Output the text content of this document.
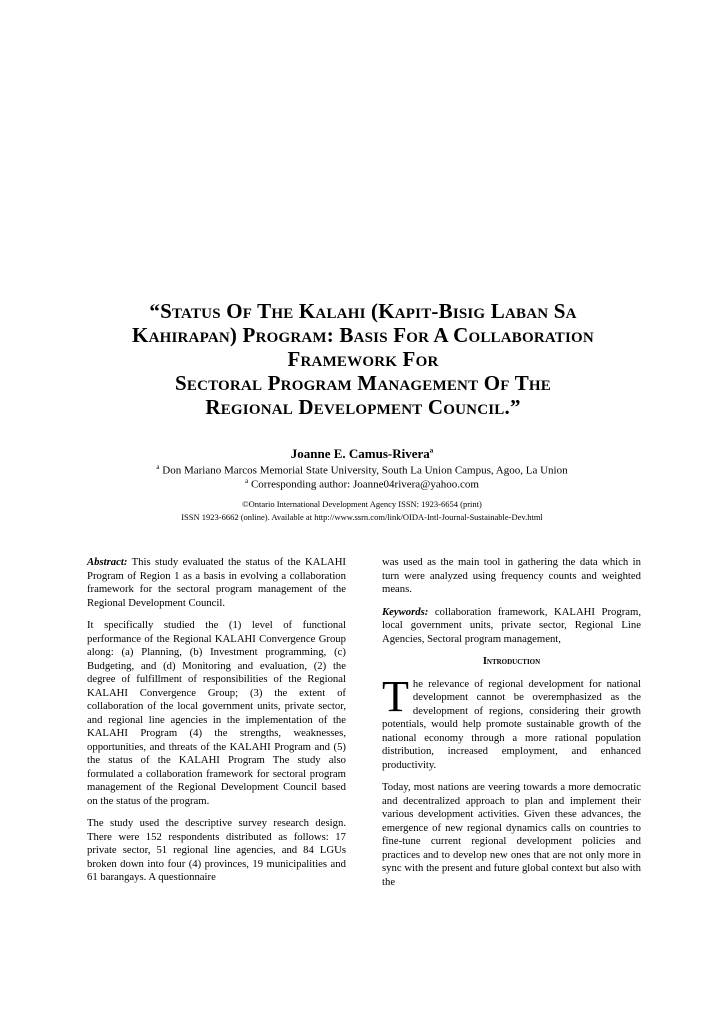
“Status Of The Kalahi (Kapit-Bisig Laban Sa
Kahirapan) Program: Basis For A Collaboration
Framework For
Sectoral Program Management Of The
Regional Development Council.”
Joanne E. Camus-Rivera$^a$
$^a$ Don Mariano Marcos Memorial State University, South La Union Campus, Agoo, La Union
$^a$ Corresponding author: Joanne04rivera@yahoo.com
©Ontario International Development Agency ISSN: 1923-6654 (print)
ISSN 1923-6662 (online). Available at http://www.ssrn.com/link/OIDA-Intl-Journal-Sustainable-Dev.html

Abstract: This study evaluated the status of the KALAHI Program of Region 1 as a basis in evolving a collaboration framework for the sectoral program management of the Regional Development Council.

It specifically studied the (1) level of functional performance of the Regional KALAHI Convergence Group along: (a) Planning, (b) Investment programming, (c) Budgeting, and (d) Monitoring and evaluation, (2) the degree of fulfillment of responsibilities of the Regional KALAHI Convergence Group; (3) the extent of collaboration of the local government units, private sector, and regional line agencies in the implementation of the KALAHI Program (4) the strengths, weaknesses, opportunities, and threats of the KALAHI Program and (5) the status of the KALAHI Program The study also formulated a collaboration framework for sectoral program management of the Regional Development Council based on the status of the program.

The study used the descriptive survey research design. There were 152 respondents distributed as follows: 17 private sector, 51 regional line agencies, and 84 LGUs broken down into four (4) provinces, 19 municipalities and 61 barangays. A questionnaire

was used as the main tool in gathering the data which in turn were analyzed using frequency counts and weighted means.

Keywords: collaboration framework, KALAHI Program, local government units, private sector, Regional Line Agencies, Sectoral program management,

Introduction

The relevance of regional development for national development cannot be overemphasized as the development of regions, considering their growth potentials, would help promote sustainable growth of the national economy through a more rational population distribution, increased employment, and enhanced productivity.

Today, most nations are veering towards a more democratic and decentralized approach to plan and implement their various development activities. Given these advances, the emergence of new regional dynamics calls on countries to fine-tune current regional development policies and practices and to develop new ones that are not only more in sync with the present and future global context but also with the
